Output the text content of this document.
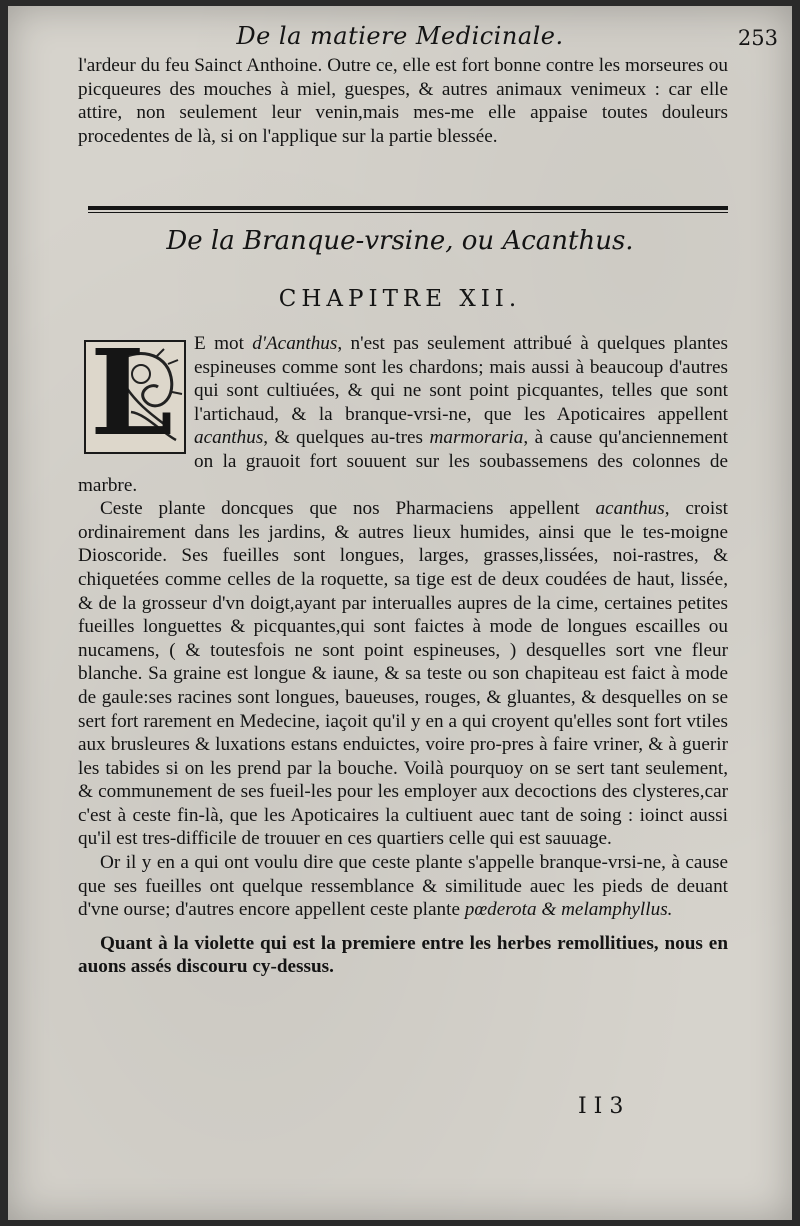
De la matiere Medicinale.	253

l'ardeur du feu Sainct Anthoine. Outre ce, elle est fort bonne contre les morseures ou picqueures des mouches à miel, guespes, & autres animaux venimeux : car elle attire, non seulement leur venin,mais mes-me elle appaise toutes douleurs procedentes de là, si on l'applique sur la partie blessée.

De la Branque-vrsine, ou Acanthus.
CHAPITRE XII.
L	E mot d'Acanthus, n'est pas seulement attribué à quelques plantes espineuses comme sont les chardons; mais aussi à beaucoup d'autres qui sont cultiuées, & qui ne sont point picquantes, telles que sont l'artichaud, & la branque-vrsi-ne, que les Apoticaires appellent acanthus, & quelques au-tres marmoraria, à cause qu'anciennement on la grauoit fort souuent sur les soubassemens des colonnes de marbre.

Ceste plante doncques que nos Pharmaciens appellent acanthus, croist ordinairement dans les jardins, & autres lieux humides, ainsi que le tes-moigne Dioscoride. Ses fueilles sont longues, larges, grasses,lissées, noi-rastres, & chiquetées comme celles de la roquette, sa tige est de deux coudées de haut, lissée, & de la grosseur d'vn doigt,ayant par interualles aupres de la cime, certaines petites fueilles longuettes & picquantes,qui sont faictes à mode de longues escailles ou nucamens, ( & toutesfois ne sont point espineuses, ) desquelles sort vne fleur blanche. Sa graine est longue & iaune, & sa teste ou son chapiteau est faict à mode de gaule:ses racines sont longues, baueuses, rouges, & gluantes, & desquelles on se sert fort rarement en Medecine, iaçoit qu'il y en a qui croyent qu'elles sont fort vtiles aux brusleures & luxations estans enduictes, voire pro-pres à faire vriner, & à guerir les tabides si on les prend par la bouche. Voilà pourquoy on se sert tant seulement, & communement de ses fueil-les pour les employer aux decoctions des clysteres,car c'est à ceste fin-là, que les Apoticaires la cultiuent auec tant de soing : ioinct aussi qu'il est tres-difficile de trouuer en ces quartiers celle qui est sauuage.

Or il y en a qui ont voulu dire que ceste plante s'appelle branque-vrsi-ne, à cause que ses fueilles ont quelque ressemblance & similitude auec les pieds de deuant d'vne ourse; d'autres encore appellent ceste plante pœderota & melamphyllus.

Quant à la violette qui est la premiere entre les herbes remollitiues, nous en auons assés discouru cy-dessus.

I I 3
